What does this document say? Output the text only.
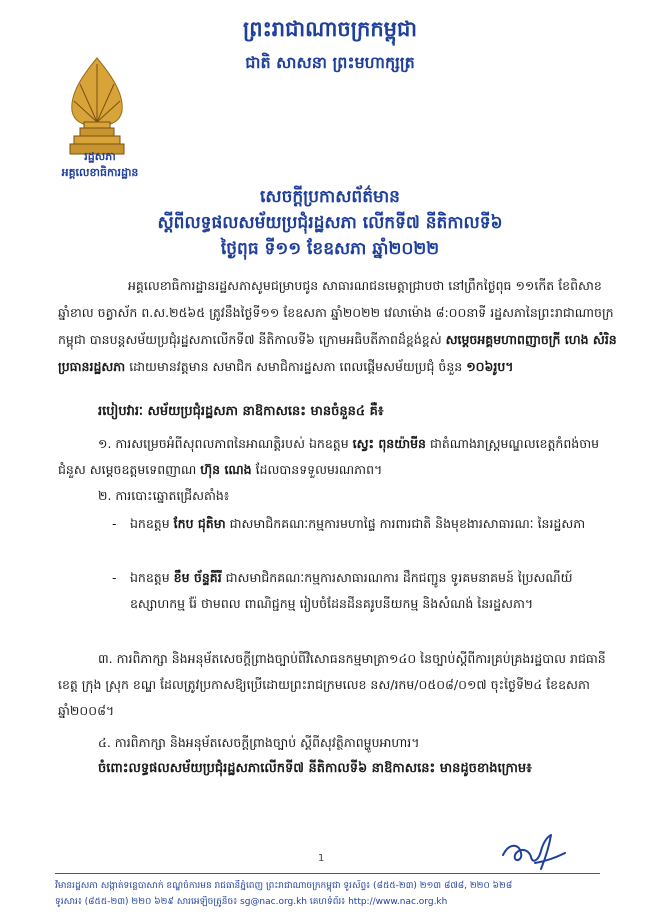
ព្រះរាជាណាចក្រកម្ពុជា
ជាតិ សាសនា ព្រះមហាក្សត្រ
រដ្ឋសភា
អគ្គលេខាធិការដ្ឋាន
សេចក្តីប្រកាសព័ត៌មាន
ស្តីពីលទ្ធផលសម័យប្រជុំរដ្ឋសភា លើកទី៧ នីតិកាលទី៦
ថ្ងៃពុធ ទី១១ ខែឧសភា ឆ្នាំ២០២២
អគ្គលេខាធិការដ្ឋានរដ្ឋសភាសូមជម្រាបជូន សាធារណជនមេត្តាជ្រាបថា នៅព្រឹកថ្ងៃពុធ ១១កើត ខែពិសាខ ឆ្នាំខាល ចត្វាស័ក ព.ស.២៥៦៥ ត្រូវនឹងថ្ងៃទី១១ ខែឧសភា ឆ្នាំ២០២២ វេលាម៉ោង ៨:០០នាទី រដ្ឋសភានៃព្រះរាជាណាចក្រកម្ពុជា បានបន្តសម័យប្រជុំរដ្ឋសភាលើកទី៧ នីតិកាលទី៦ ក្រោមអធិបតីភាពដ៏ខ្ពង់ខ្ពស់ សម្តេចអគ្គមហាពញាចក្រី ហេង សំរិន ប្រធានរដ្ឋសភា ដោយមានវត្តមាន សមាជិក សមាជិការដ្ឋសភា ពេលផ្តើមសម័យប្រជុំ ចំនួន ១០៦រូប។
របៀបវារៈ សម័យប្រជុំរដ្ឋសភា នាឱកាសនេះ មានចំនួន៤ គឺ៖
១. ការសម្រេចអំពីសុពលភាពនៃអាណត្តិរបស់ ឯកឧត្តម ស្វេះ ពុនយ៉ាមីន ជាតំណាងរាស្ត្រមណ្ឌលខេត្តកំពង់ចាម ជំនួស សម្តេចឧត្តមទេពញាណ ហ៊ុន ណេង ដែលបានទទួលមរណភាព។
២. ការបោះឆ្នោតជ្រើសតាំង៖
- ឯកឧត្តម កែប ជុតិមា ជាសមាជិកគណៈកម្មការមហាផ្ទៃ ការពារជាតិ និងមុខងារសាធារណៈ នៃរដ្ឋសភា
- ឯកឧត្តម ខឹម ច័ន្ទគីរី ជាសមាជិកគណៈកម្មការសាធារណការ ដឹកជញ្ជូន ទូរគមនាគមន៍ ប្រៃសណីយ៍ ឧស្សាហកម្ម រ៉ែ ថាមពល ពាណិជ្ជកម្ម រៀបចំដែនដីនគរូបនីយកម្ម និងសំណង់ នៃរដ្ឋសភា។
៣. ការពិភាក្សា និងអនុម័តសេចក្តីព្រាងច្បាប់ពីវិសោធនកម្មមាត្រា១៤០ នៃច្បាប់ស្តីពីការគ្រប់គ្រងរដ្ឋបាល រាជធានី ខេត្ត ក្រុង ស្រុក ខណ្ឌ ដែលត្រូវប្រកាសឱ្យប្រើដោយព្រះរាជក្រមលេខ នស/រកម/០៥០៨/០១៧ ចុះថ្ងៃទី២៤ ខែឧសភា ឆ្នាំ២០០៨។
៤. ការពិភាក្សា និងអនុម័តសេចក្តីព្រាងច្បាប់ ស្តីពីសុវត្ថិភាពម្ហូបអាហារ។
ចំពោះលទ្ធផលសម័យប្រជុំរដ្ឋសភាលើកទី៧ នីតិកាលទី៦ នាឱកាសនេះ មានដូចខាងក្រោម៖
1
វិមានរដ្ឋសភា សង្កាត់ទន្លេបាសាក់ ខណ្ឌចំការមន រាជធានីភ្នំពេញ ព្រះរាជាណាចក្រកម្ពុជា ទូរស័ព្ទ៖ (៨៥៥-២៣) ២១៣ ៨៧៨, ២២០ ៦២៨
ទូរសារ៖ (៨៥៥-២៣) ២២០ ៦២៩ សារអេឡិចត្រូនិច៖ sg@nac.org.kh គេហទំព័រ៖ http://www.nac.org.kh
